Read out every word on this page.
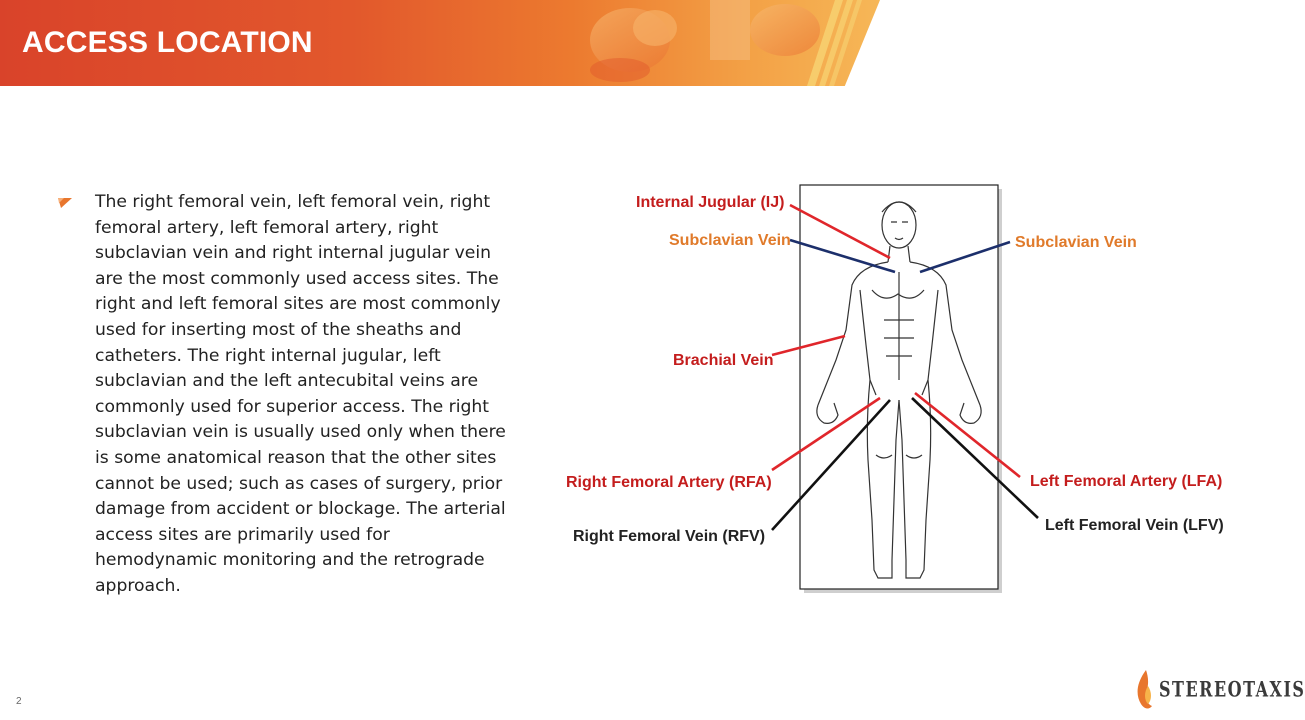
ACCESS LOCATION
The right femoral vein, left femoral vein, right femoral artery, left femoral artery, right subclavian vein and right internal jugular vein are the most commonly used access sites. The right and left femoral sites are most commonly used for inserting most of the sheaths and catheters. The right internal jugular, left subclavian and the left antecubital veins are commonly used for superior access. The right subclavian vein is usually used only when there is some anatomical reason that the other sites cannot be used; such as cases of surgery, prior damage from accident or blockage. The arterial access sites are primarily used for hemodynamic monitoring and the retrograde approach.
Internal Jugular (IJ)
Subclavian Vein	Subclavian Vein
Brachial Vein
Right Femoral Artery (RFA)
Right Femoral Vein (RFV)
Left Femoral Artery (LFA)
Left Femoral Vein (LFV)
2	STEREOTAXIS
